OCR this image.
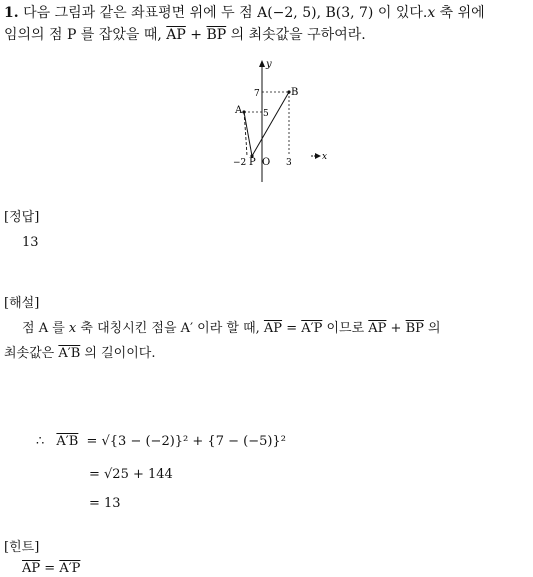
1. 다음 그림과 같은 좌표평면 위에 두 점 A(−2, 5), B(3, 7) 이 있다.x 축 위에
임의의 점 P 를 잡았을 때, $\overline{AP} + \overline{BP}$ 의 최솟값을 구하여라.
y
x
A
B
P O
7
5
−2	3
[정답]
13
[해설]
점 A 를 x 축 대칭시킨 점을 A′ 이라 할 때, $\overline{AP} = A'P$ 이므로 $\overline{AP} + \overline{BP}$ 의
최솟값은 A′B 의 길이이다.
∴ A′B = √{3 − (−2)}² + {7 − (−5)}²
= √25 + 144
= 13
[힌트]
$\overline{AP} = A'P$
